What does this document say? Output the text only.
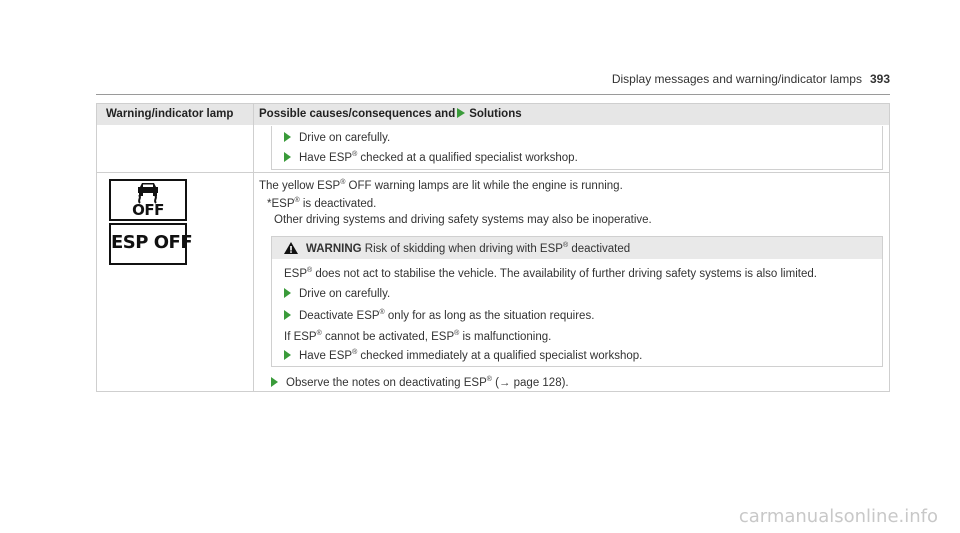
Display messages and warning/indicator lamps 393
Warning/indicator lamp Possible causes/consequences and Solutions
Drive on carefully.
Have ESP® checked at a qualified specialist workshop.
OFF
ESP OFF
The yellow ESP® OFF warning lamps are lit while the engine is running.
*ESP® is deactivated.
Other driving systems and driving safety systems may also be inoperative.
WARNING Risk of skidding when driving with ESP® deactivated
ESP® does not act to stabilise the vehicle. The availability of further driving safety systems is also limited.
Drive on carefully.
Deactivate ESP® only for as long as the situation requires.
If ESP® cannot be activated, ESP® is malfunctioning.
Have ESP® checked immediately at a qualified specialist workshop.
Observe the notes on deactivating ESP® (→ page 128).
carmanualsonline.info
